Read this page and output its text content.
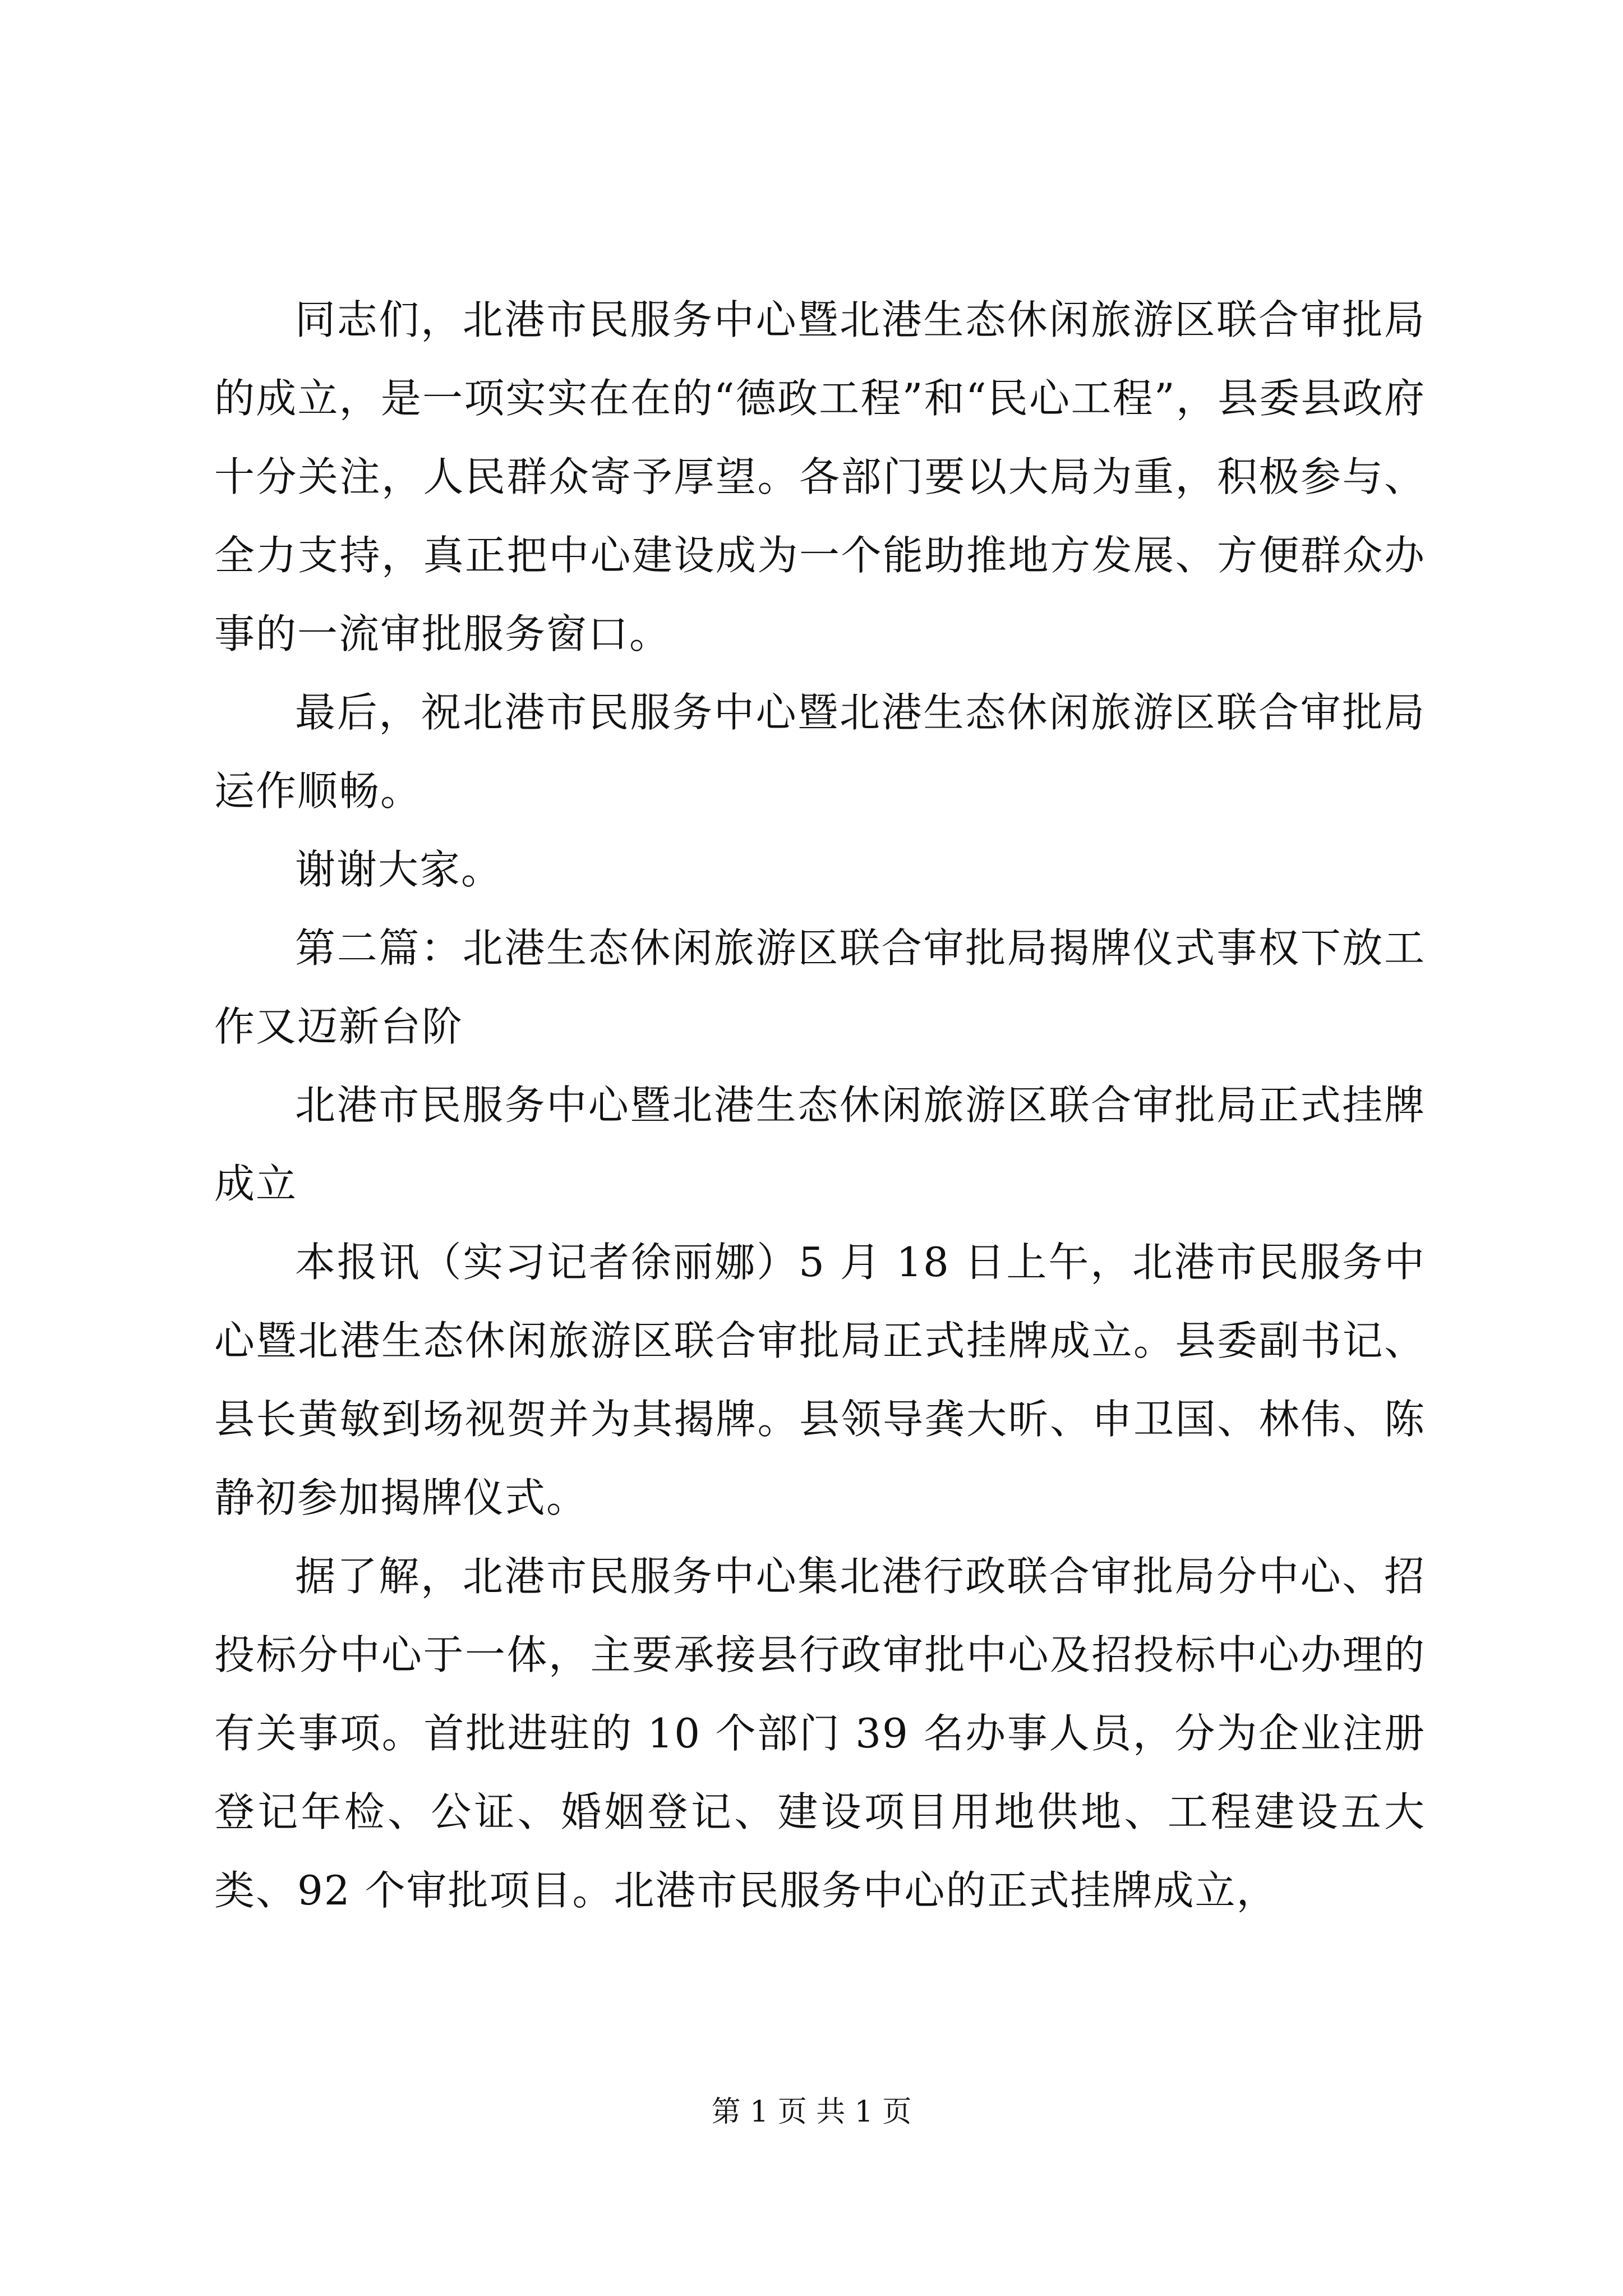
同志们，北港市民服务中心暨北港生态休闲旅游区联合审批局的成立，是一项实实在在的“德政工程”和“民心工程”，县委县政府十分关注，人民群众寄予厚望。各部门要以大局为重，积极参与、全力支持，真正把中心建设成为一个能助推地方发展、方便群众办事的一流审批服务窗口。

最后，祝北港市民服务中心暨北港生态休闲旅游区联合审批局运作顺畅。

谢谢大家。

第二篇：北港生态休闲旅游区联合审批局揭牌仪式事权下放工作又迈新台阶

北港市民服务中心暨北港生态休闲旅游区联合审批局正式挂牌成立

本报讯（实习记者徐丽娜）5 月 18 日上午，北港市民服务中心暨北港生态休闲旅游区联合审批局正式挂牌成立。县委副书记、县长黄敏到场视贺并为其揭牌。县领导龚大昕、申卫国、林伟、陈静初参加揭牌仪式。

据了解，北港市民服务中心集北港行政联合审批局分中心、招投标分中心于一体，主要承接县行政审批中心及招投标中心办理的有关事项。首批进驻的 10 个部门 39 名办事人员，分为企业注册登记年检、公证、婚姻登记、建设项目用地供地、工程建设五大类、92 个审批项目。北港市民服务中心的正式挂牌成立，

第 1 页 共 1 页
